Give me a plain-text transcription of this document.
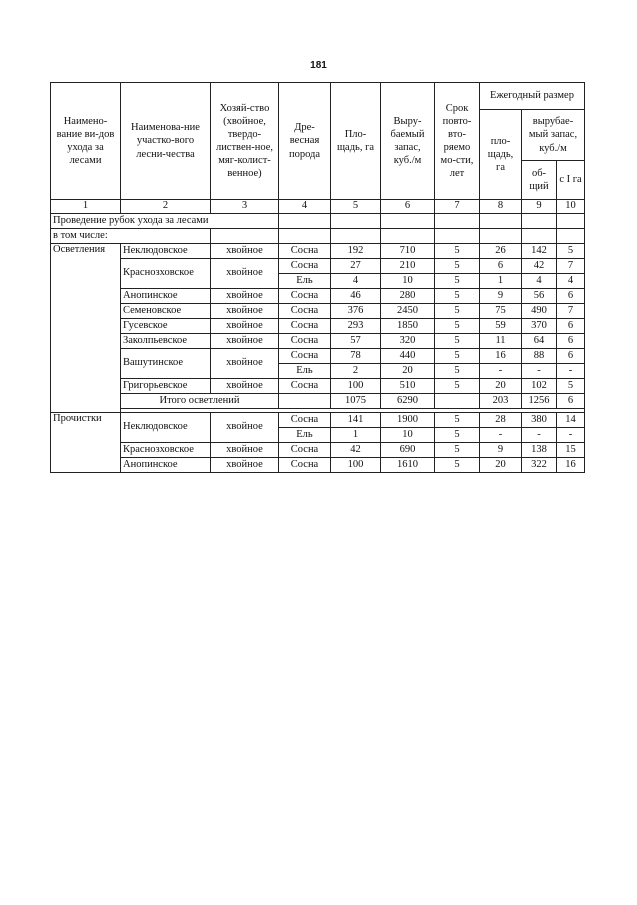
181
Наимено-вание ви-дов ухода за лесами	Наименова-ние участко-вого лесни-чества	Хозяй-ство (хвойное, твердо-листвен-ное, мяг-колист-венное)	Дре-весная порода	Пло-щадь, га	Выру-баемый запас, куб./м	Срок повто-вто-ряемо мо-сти, лет	Ежегодный размер		
							пло-щадь, га	вырубае-мый запас, куб./м	
								об-щий	с I га
1	2	3	4	5	6	7	8	9	10
Проведение рубок ухода за лесами									
в том числе:									
Осветления	Неклюдовское	хвойное	Сосна	192	710	5	26	142	5
	Краснозховское	хвойное	Сосна	27	210	5	6	42	7
			Ель	4	10	5	1	4	4
	Анопинское	хвойное	Сосна	46	280	5	9	56	6
	Семеновское	хвойное	Сосна	376	2450	5	75	490	7
	Гусевское	хвойное	Сосна	293	1850	5	59	370	6
	Заколпьевское	хвойное	Сосна	57	320	5	11	64	6
	Вашутинское	хвойное	Сосна	78	440	5	16	88	6
			Ель	2	20	5	-	-	-
	Григорьевское	хвойное	Сосна	100	510	5	20	102	5
	Итого осветлений			1075	6290		203	1256	6

Прочистки	Неклюдовское	хвойное	Сосна	141	1900	5	28	380	14
			Ель	1	10	5	-	-	-
	Краснозховское	хвойное	Сосна	42	690	5	9	138	15
	Анопинское	хвойное	Сосна	100	1610	5	20	322	16
